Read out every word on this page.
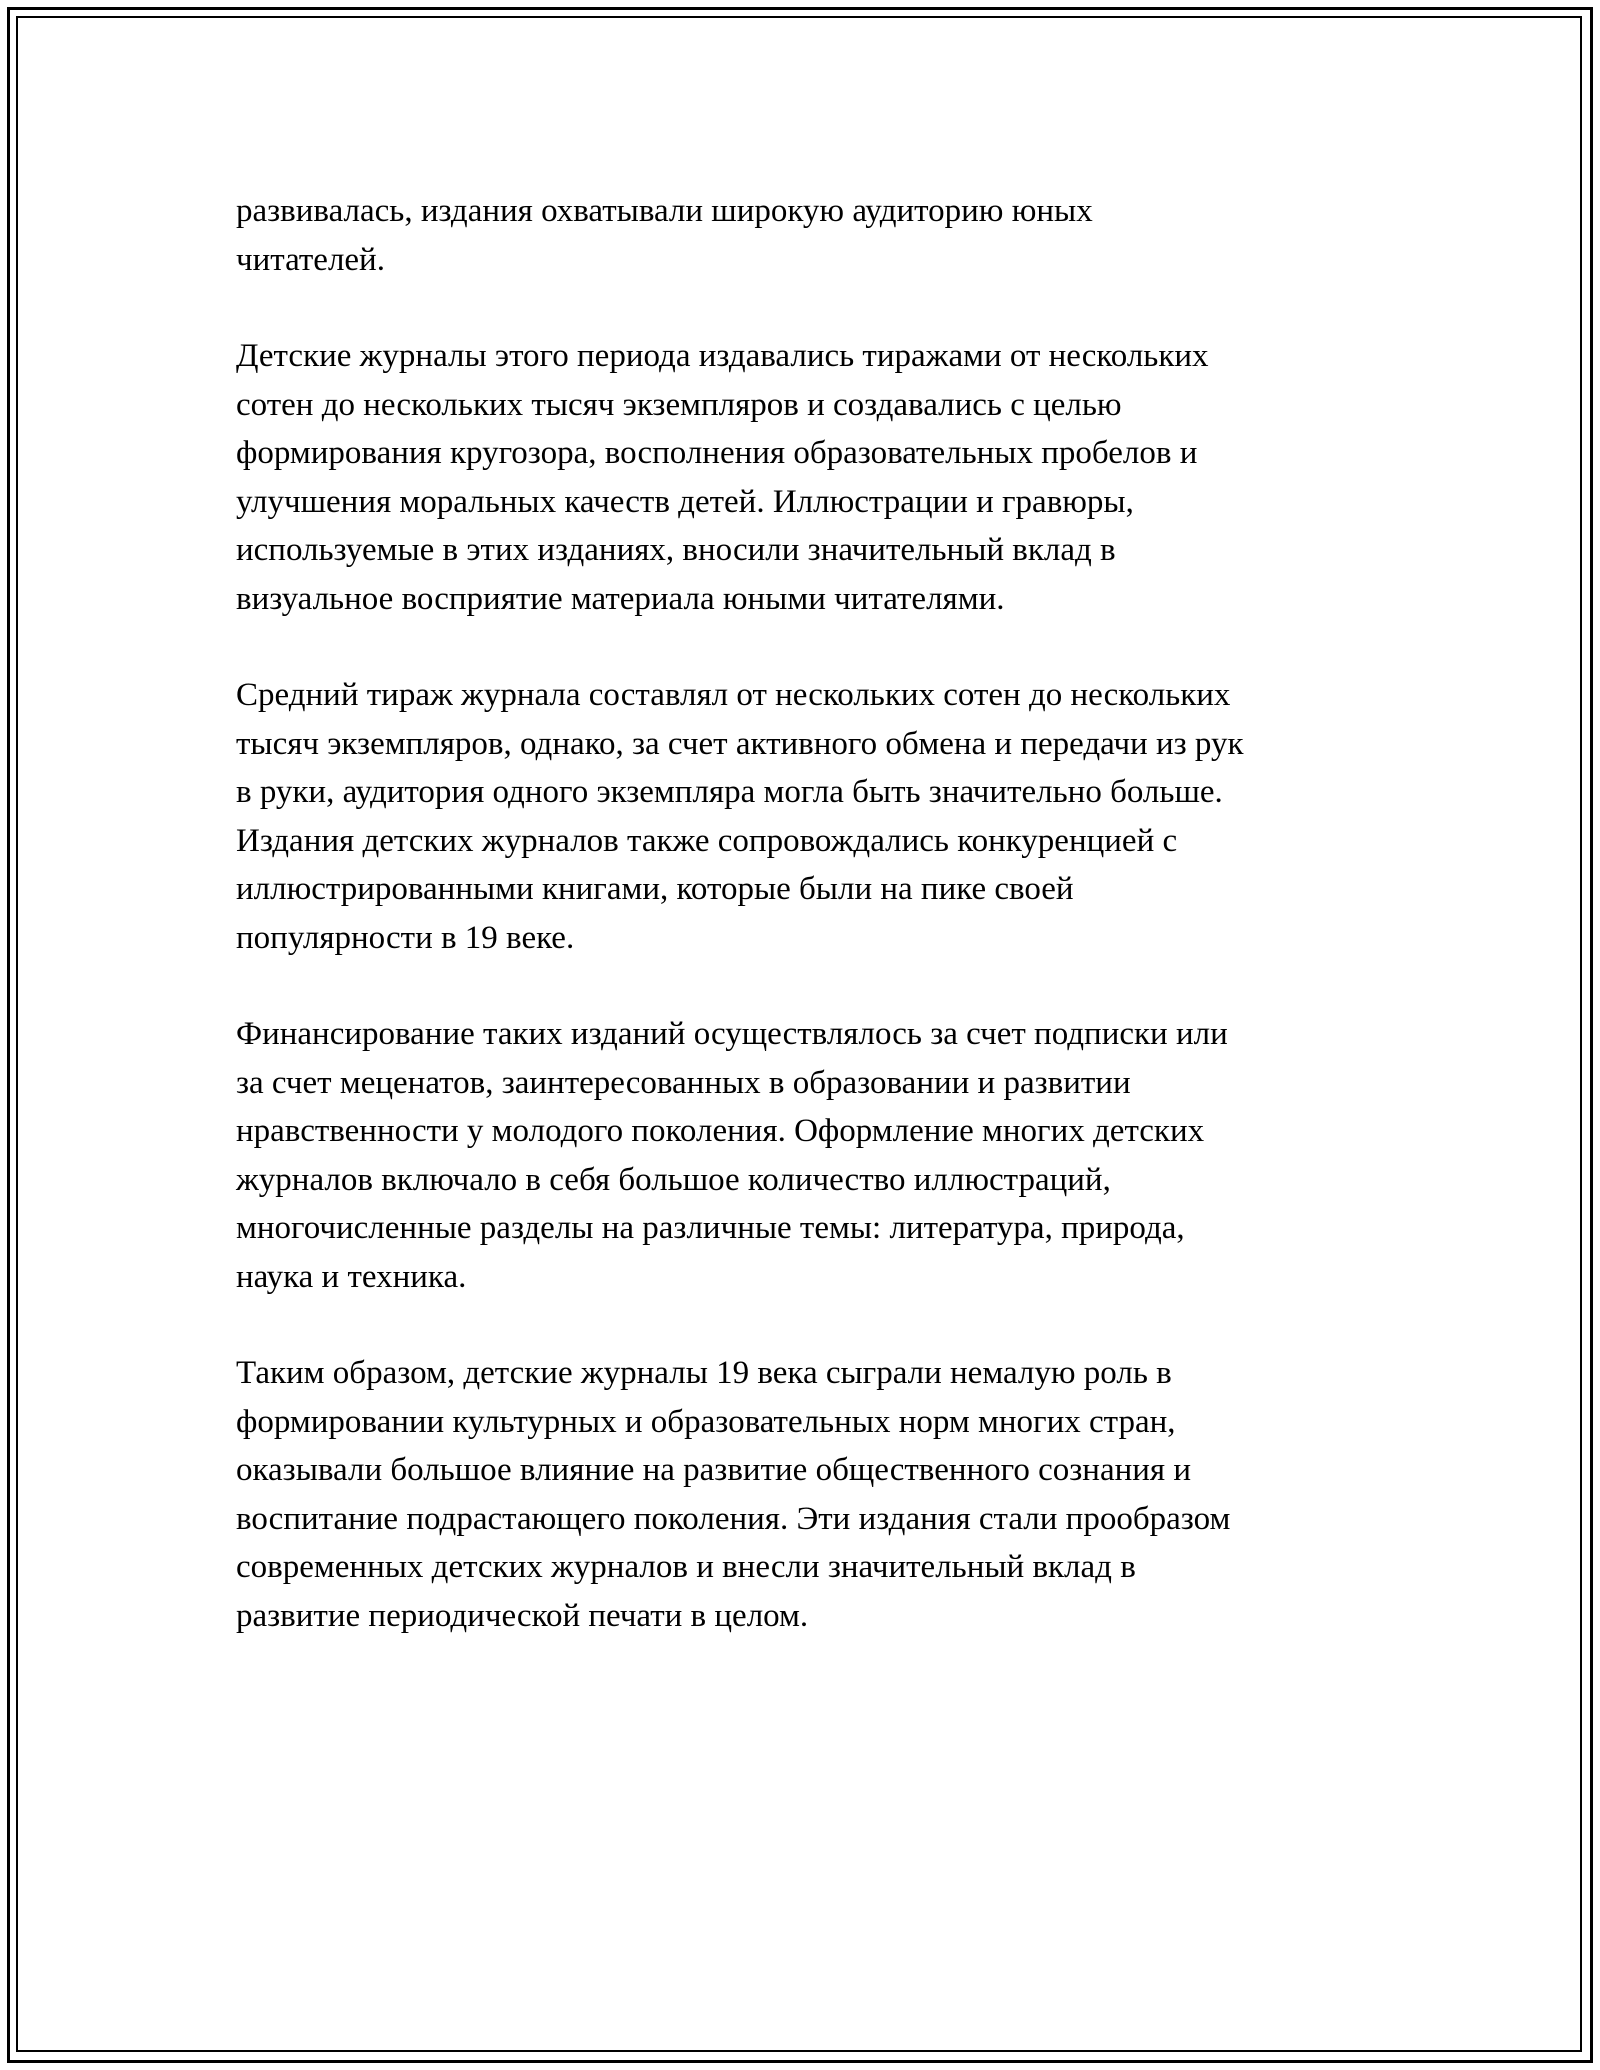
развивалась, издания охватывали широкую аудиторию юных
читателей.
Детские журналы этого периода издавались тиражами от нескольких
сотен до нескольких тысяч экземпляров и создавались с целью
формирования кругозора, восполнения образовательных пробелов и
улучшения моральных качеств детей. Иллюстрации и гравюры,
используемые в этих изданиях, вносили значительный вклад в
визуальное восприятие материала юными читателями.
Средний тираж журнала составлял от нескольких сотен до нескольких
тысяч экземпляров, однако, за счет активного обмена и передачи из рук
в руки, аудитория одного экземпляра могла быть значительно больше.
Издания детских журналов также сопровождались конкуренцией с
иллюстрированными книгами, которые были на пике своей
популярности в 19 веке.
Финансирование таких изданий осуществлялось за счет подписки или
за счет меценатов, заинтересованных в образовании и развитии
нравственности у молодого поколения. Оформление многих детских
журналов включало в себя большое количество иллюстраций,
многочисленные разделы на различные темы: литература, природа,
наука и техника.
Таким образом, детские журналы 19 века сыграли немалую роль в
формировании культурных и образовательных норм многих стран,
оказывали большое влияние на развитие общественного сознания и
воспитание подрастающего поколения. Эти издания стали прообразом
современных детских журналов и внесли значительный вклад в
развитие периодической печати в целом.
